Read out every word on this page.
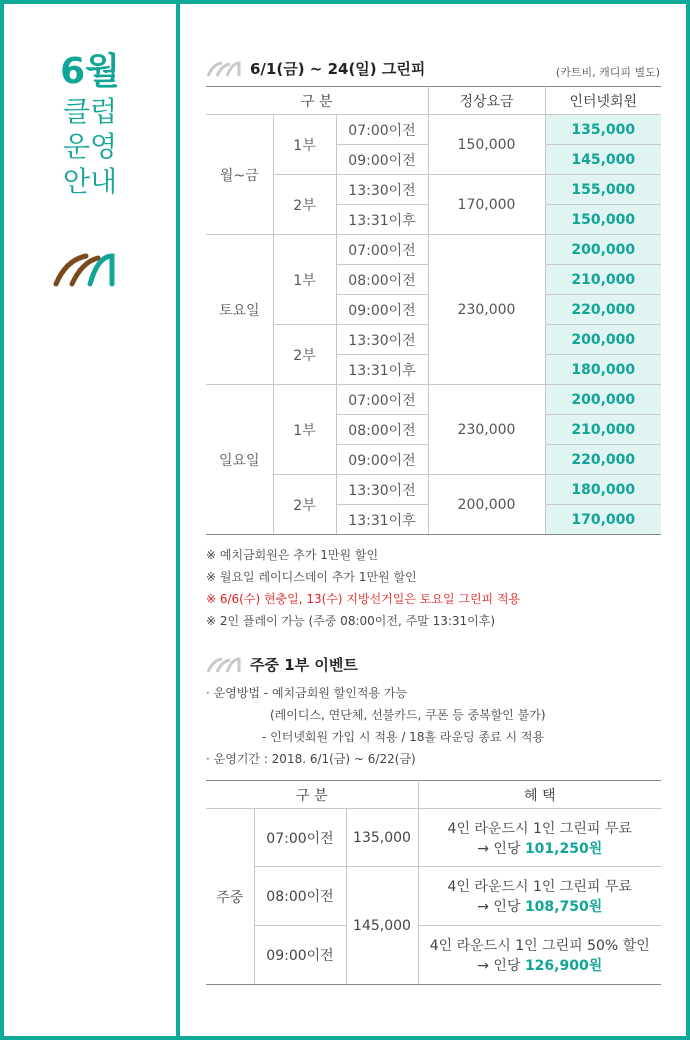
6월
클럽
운영
안내
6/1(금) ~ 24(일) 그린피	(카트비, 캐디피 별도)
구 분			정상요금	인터넷회원
월~금	1부	07:00이전	150,000	135,000
		09:00이전		145,000
	2부	13:30이전	170,000	155,000
		13:31이후		150,000
토요일	1부	07:00이전	230,000	200,000
		08:00이전		210,000
		09:00이전		220,000
	2부	13:30이전		200,000
		13:31이후		180,000
일요일	1부	07:00이전	230,000	200,000
		08:00이전		210,000
		09:00이전		220,000
	2부	13:30이전	200,000	180,000
		13:31이후		170,000
※ 예치금회원은 추가 1만원 할인
※ 월요일 레이디스데이 추가 1만원 할인
※ 6/6(수) 현충일, 13(수) 지방선거일은 토요일 그린피 적용
※ 2인 플레이 가능 (주중 08:00이전, 주말 13:31이후)
주중 1부 이벤트
· 운영방법 - 예치금회원 할인적용 가능
(레이디스, 연단체, 선불카드, 쿠폰 등 중복할인 불가)
- 인터넷회원 가입 시 적용 / 18홀 라운딩 종료 시 적용
· 운영기간 : 2018. 6/1(금) ~ 6/22(금)
구 분			혜 택
주중	07:00이전	135,000	4인 라운드시 1인 그린피 무료
→ 인당 101,250원

	08:00이전	145,000	4인 라운드시 1인 그린피 무료
→ 인당 108,750원

	09:00이전		4인 라운드시 1인 그린피 50% 할인
→ 인당 126,900원
